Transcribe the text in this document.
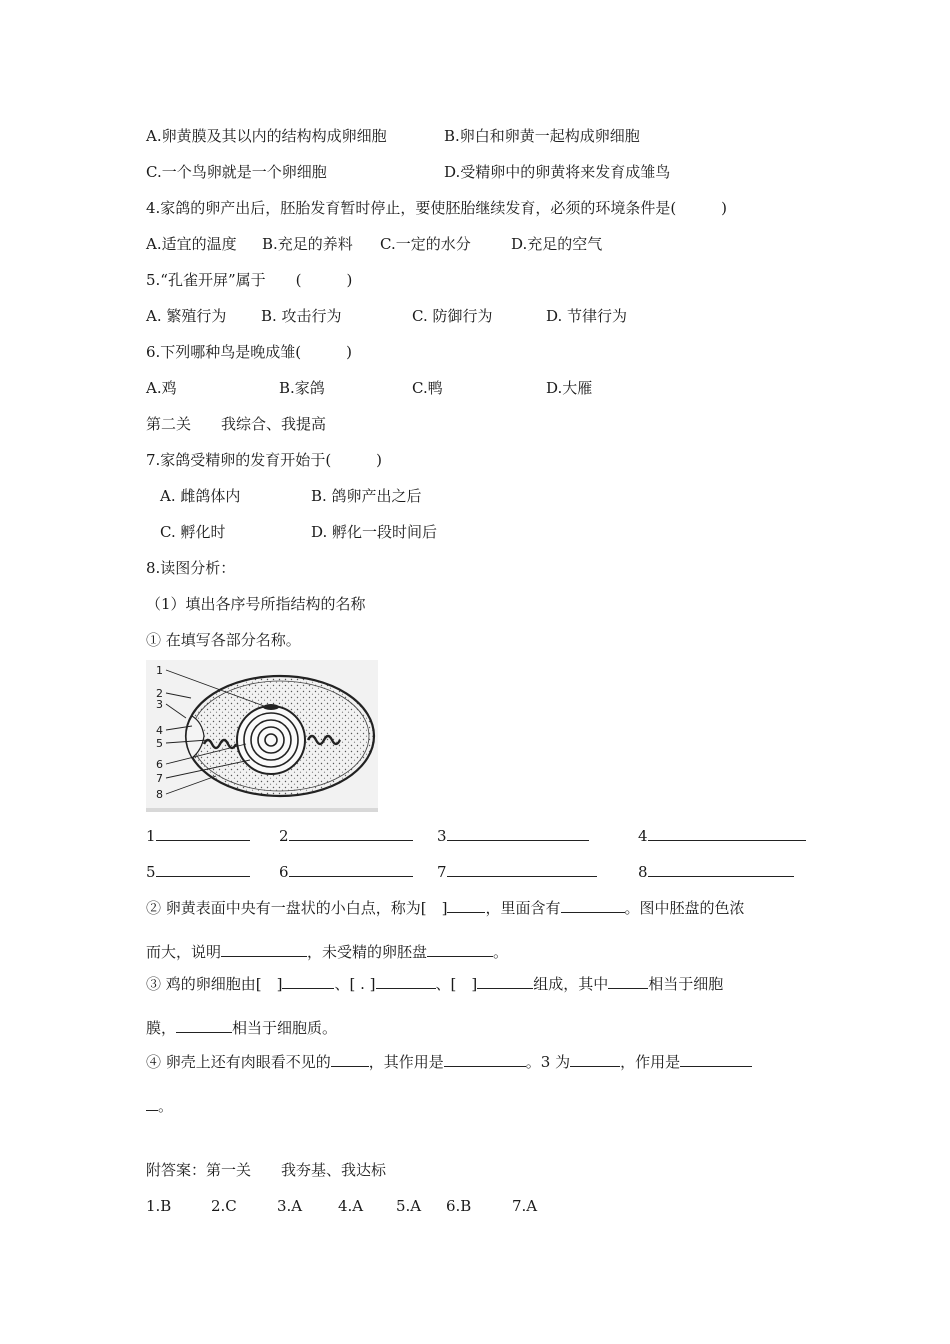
A.卵黄膜及其以内的结构构成卵细胞	B.卵白和卵黄一起构成卵细胞
C.一个鸟卵就是一个卵细胞	D.受精卵中的卵黄将来发育成雏鸟
4.家鸽的卵产出后，胚胎发育暂时停止，要使胚胎继续发育，必须的环境条件是(　　　)
A.适宜的温度 B.充足的养料 C.一定的水分	D.充足的空气
5.“孔雀开屏”属于　　(　　　)
A. 繁殖行为 B. 攻击行为	C. 防御行为	D. 节律行为
6.下列哪种鸟是晚成雏(　　　)
A.鸡	B.家鸽	C.鸭	D.大雁
第二关　　我综合、我提高
7.家鸽受精卵的发育开始于(　　　)
A. 雌鸽体内	B. 鸽卵产出之后
C. 孵化时	D. 孵化一段时间后
8.读图分析：
（1）填出各序号所指结构的名称
① 在填写各部分名称。
1
2
3
4
5
6
7
8
1	2	3	4
5	6	7	8
② 卵黄表面中央有一盘状的小白点，称为[　]	，里面含有	。图中胚盘的色浓
而大，说明	，未受精的卵胚盘	。
③ 鸡的卵细胞由[　]	、[ . ]	、[　]	组成，其中	相当于细胞
膜，	相当于细胞质。
④ 卵壳上还有肉眼看不见的	，其作用是	。3 为	，作用是
。
附答案：第一关　　我夯基、我达标
1.B	2.C	3.A 4.A 5.A 6.B	7.A
